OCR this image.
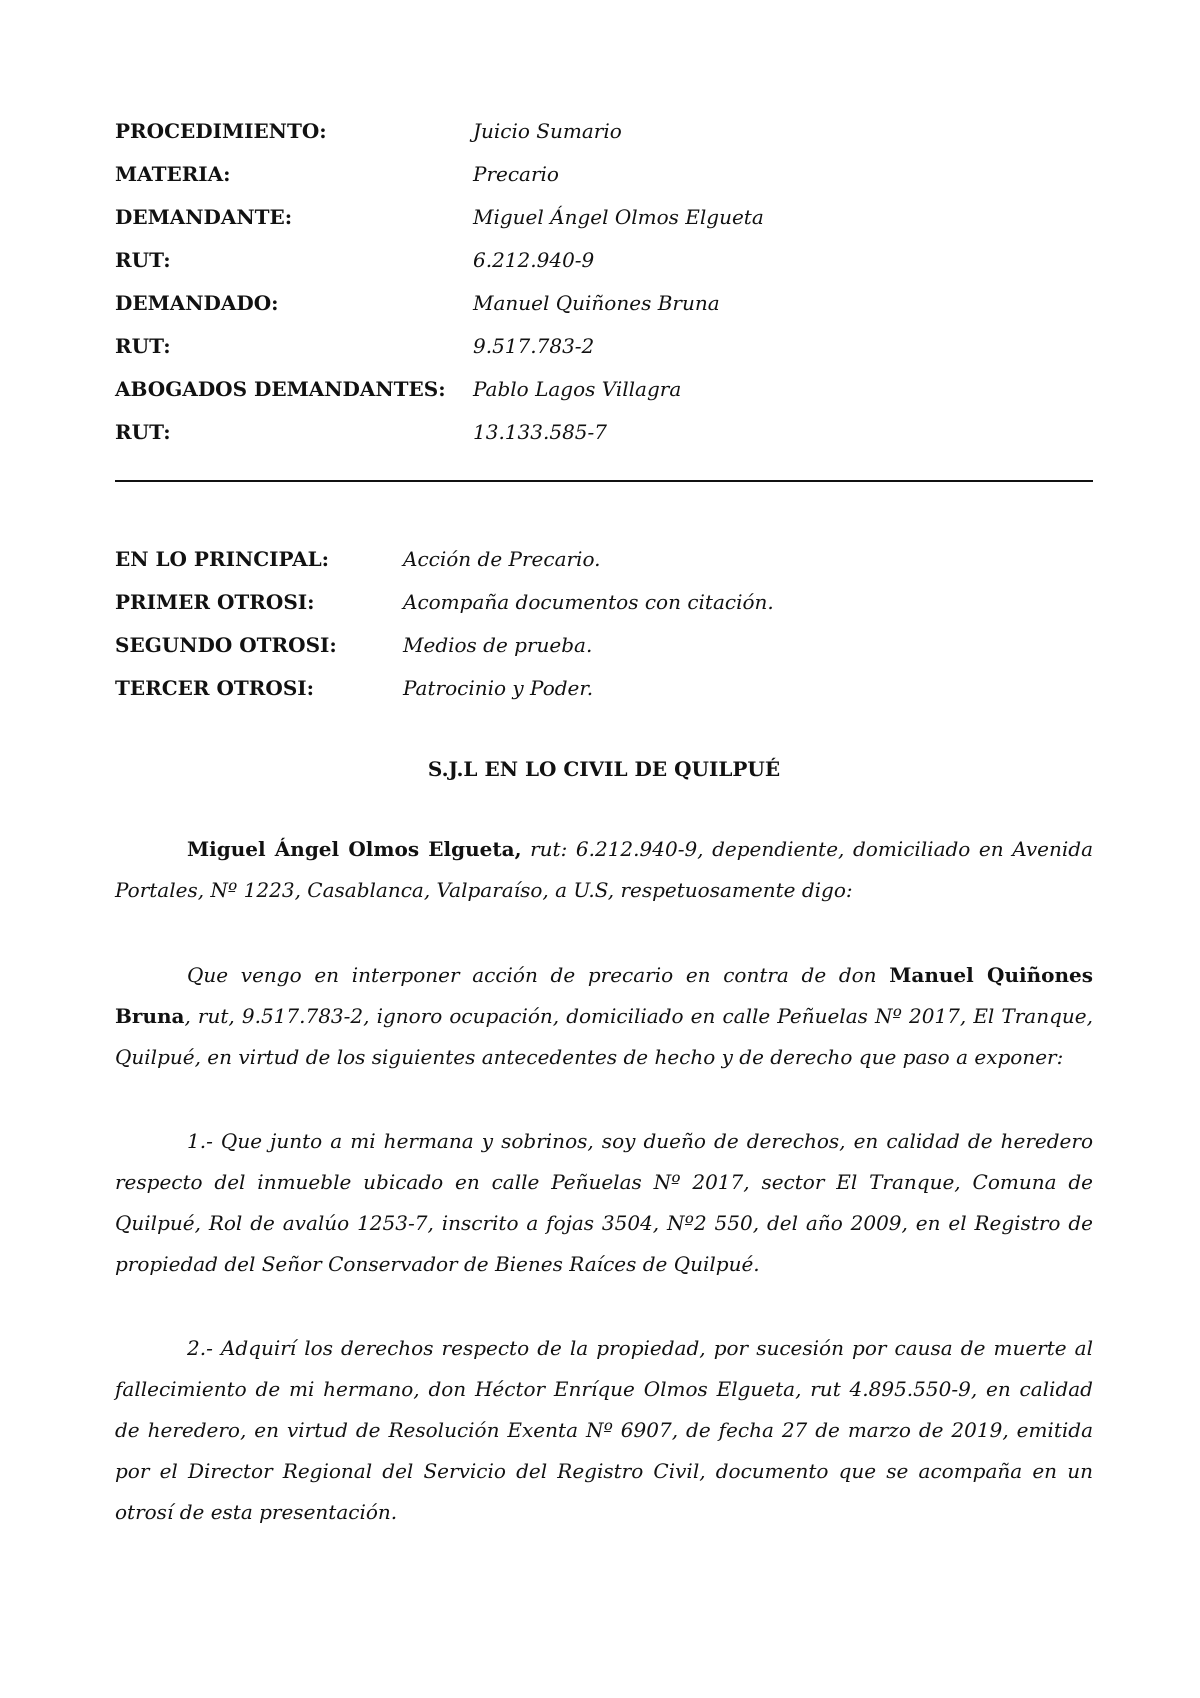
PROCEDIMIENTO:	Juicio Sumario
MATERIA:	Precario
DEMANDANTE:	Miguel Ángel Olmos Elgueta
RUT:	6.212.940-9
DEMANDADO:	Manuel Quiñones Bruna
RUT:	9.517.783-2
ABOGADOS DEMANDANTES:	Pablo Lagos Villagra
RUT:	13.133.585-7
EN LO PRINCIPAL:	Acción de Precario.
PRIMER OTROSI:	Acompaña documentos con citación.
SEGUNDO OTROSI:	Medios de prueba.
TERCER OTROSI:	Patrocinio y Poder.
S.J.L EN LO CIVIL DE QUILPUÉ

Miguel Ángel Olmos Elgueta, rut: 6.212.940-9, dependiente, domiciliado en Avenida Portales, Nº 1223, Casablanca, Valparaíso, a U.S, respetuosamente digo:

Que vengo en interponer acción de precario en contra de don Manuel Quiñones Bruna, rut, 9.517.783-2, ignoro ocupación, domiciliado en calle Peñuelas Nº 2017, El Tranque, Quilpué, en virtud de los siguientes antecedentes de hecho y de derecho que paso a exponer:

1.- Que junto a mi hermana y sobrinos, soy dueño de derechos, en calidad de heredero respecto del inmueble ubicado en calle Peñuelas Nº 2017, sector El Tranque, Comuna de Quilpué, Rol de avalúo 1253-7, inscrito a fojas 3504, Nº2 550, del año 2009, en el Registro de propiedad del Señor Conservador de Bienes Raíces de Quilpué.

2.- Adquirí los derechos respecto de la propiedad, por sucesión por causa de muerte al fallecimiento de mi hermano, don Héctor Enríque Olmos Elgueta, rut 4.895.550-9, en calidad de heredero, en virtud de Resolución Exenta Nº 6907, de fecha 27 de marzo de 2019, emitida por el Director Regional del Servicio del Registro Civil, documento que se acompaña en un otrosí de esta presentación.
